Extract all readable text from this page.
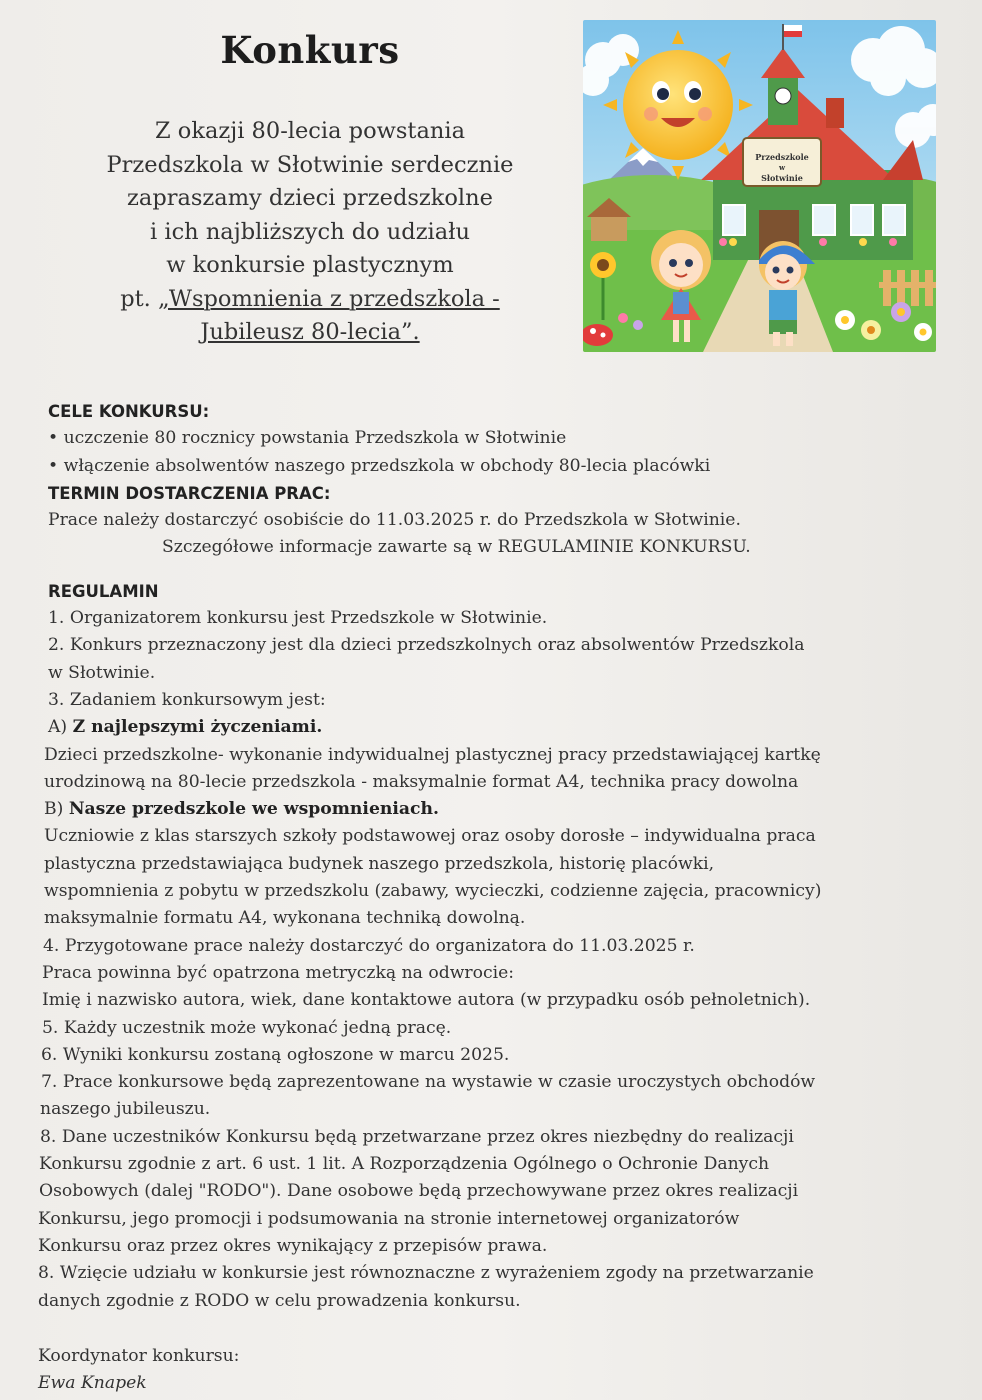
Konkurs
Z okazji 80-lecia powstania
Przedszkola w Słotwinie serdecznie
zapraszamy dzieci przedszkolne
i ich najbliższych do udziału
w konkursie plastycznym
pt. „Wspomnienia z przedszkola -
Jubileusz 80-lecia”.
Przedszkole
w
Słotwinie
CELE KONKURSU:
• uczczenie 80 rocznicy powstania Przedszkola w Słotwinie
• włączenie absolwentów naszego przedszkola w obchody 80-lecia placówki
TERMIN DOSTARCZENIA PRAC:
Prace należy dostarczyć osobiście do 11.03.2025 r. do Przedszkola w Słotwinie.
Szczegółowe informacje zawarte są w REGULAMINIE KONKURSU.
REGULAMIN
1. Organizatorem konkursu jest Przedszkole w Słotwinie.
2. Konkurs przeznaczony jest dla dzieci przedszkolnych oraz absolwentów Przedszkola
w Słotwinie.
3. Zadaniem konkursowym jest:
A) Z najlepszymi życzeniami.
Dzieci przedszkolne- wykonanie indywidualnej plastycznej pracy przedstawiającej kartkę
urodzinową na 80-lecie przedszkola - maksymalnie format A4, technika pracy dowolna
B) Nasze przedszkole we wspomnieniach.
Uczniowie z klas starszych szkoły podstawowej oraz osoby dorosłe – indywidualna praca
plastyczna przedstawiająca budynek naszego przedszkola, historię placówki,
wspomnienia z pobytu w przedszkolu (zabawy, wycieczki, codzienne zajęcia, pracownicy)
maksymalnie formatu A4, wykonana techniką dowolną.
4. Przygotowane prace należy dostarczyć do organizatora do 11.03.2025 r.
Praca powinna być opatrzona metryczką na odwrocie:
Imię i nazwisko autora, wiek, dane kontaktowe autora (w przypadku osób pełnoletnich).
5. Każdy uczestnik może wykonać jedną pracę.
6. Wyniki konkursu zostaną ogłoszone w marcu 2025.
7. Prace konkursowe będą zaprezentowane na wystawie w czasie uroczystych obchodów
naszego jubileuszu.
8. Dane uczestników Konkursu będą przetwarzane przez okres niezbędny do realizacji
Konkursu zgodnie z art. 6 ust. 1 lit. A Rozporządzenia Ogólnego o Ochronie Danych
Osobowych (dalej "RODO"). Dane osobowe będą przechowywane przez okres realizacji
Konkursu, jego promocji i podsumowania na stronie internetowej organizatorów
Konkursu oraz przez okres wynikający z przepisów prawa.
8. Wzięcie udziału w konkursie jest równoznaczne z wyrażeniem zgody na przetwarzanie
danych zgodnie z RODO w celu prowadzenia konkursu.
Koordynator konkursu:
Ewa Knapek
